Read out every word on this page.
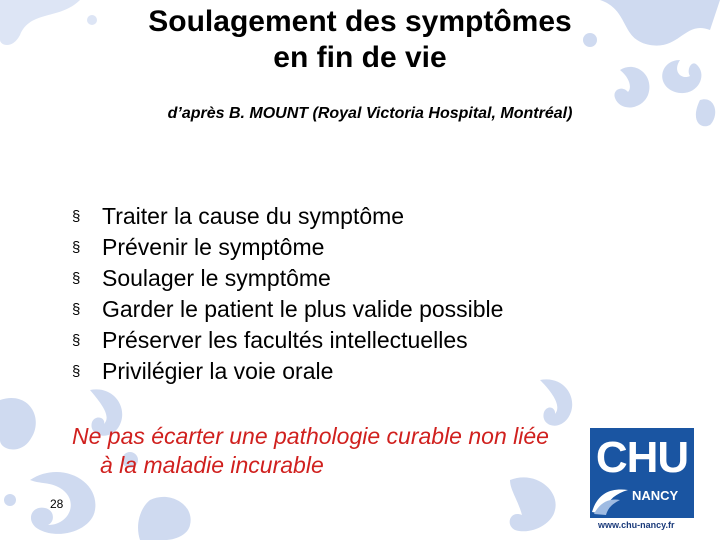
Soulagement des symptômes
en fin de vie
d’après B. MOUNT (Royal Victoria Hospital, Montréal)
§ Traiter la cause du symptôme
§ Prévenir le symptôme
§ Soulager le symptôme
§ Garder le patient le plus valide possible
§ Préserver les facultés intellectuelles
§ Privilégier la voie orale
Ne pas écarter une pathologie curable non liée
à la maladie incurable
28
CHU
NANCY
www.chu-nancy.fr
